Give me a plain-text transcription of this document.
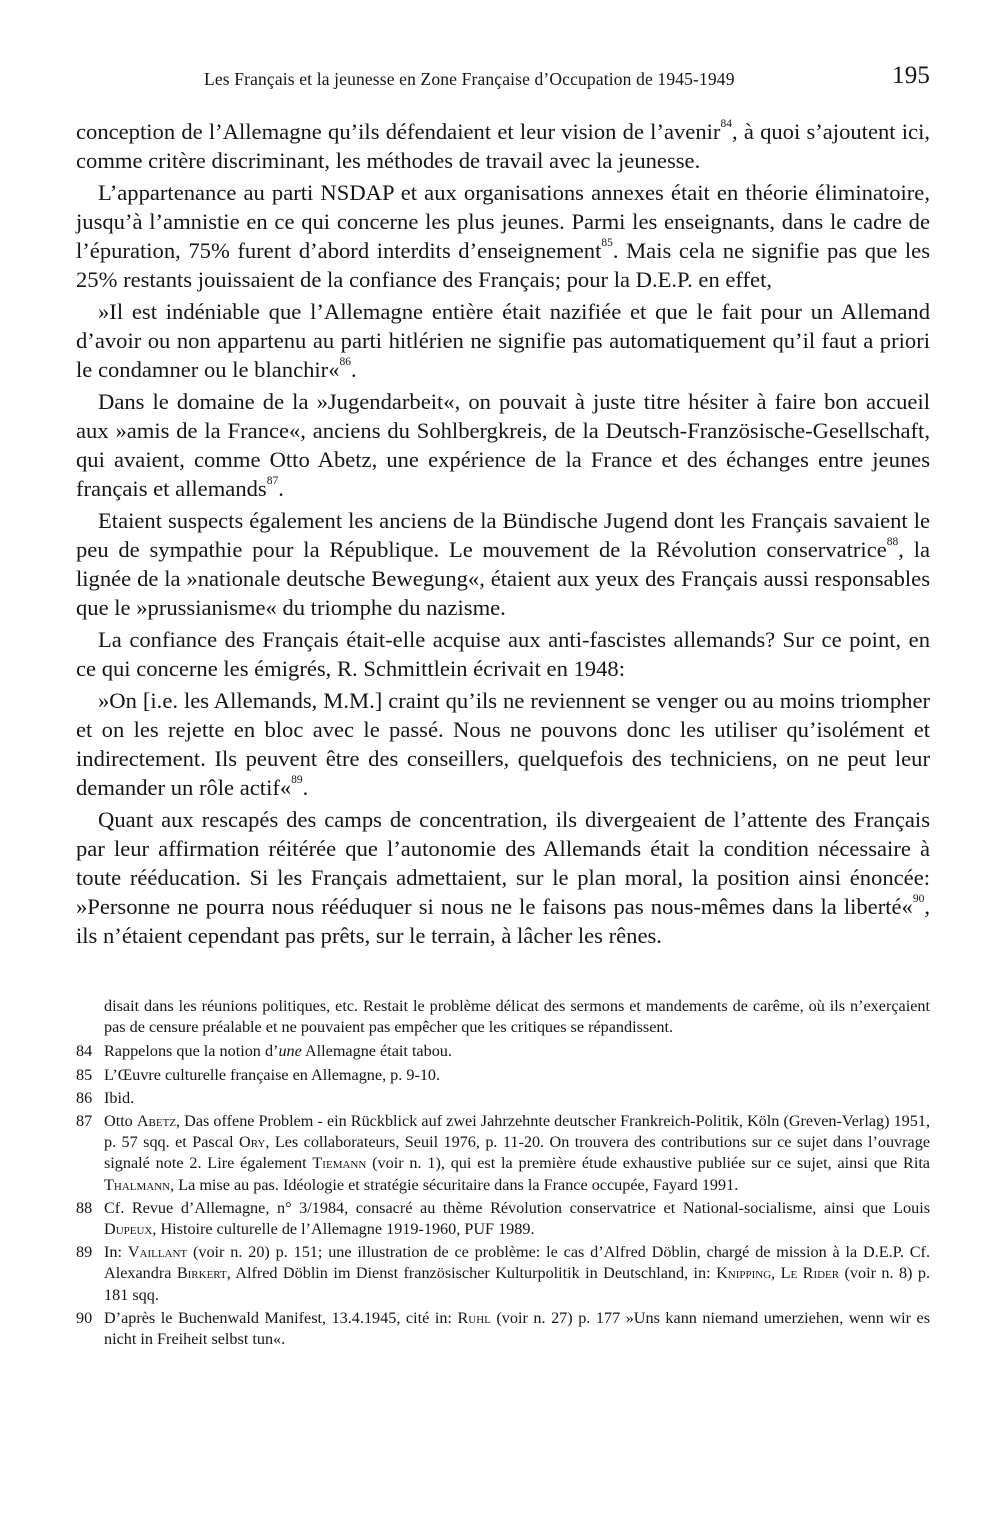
Les Français et la jeunesse en Zone Française d’Occupation de 1945-1949	195

conception de l’Allemagne qu’ils défendaient et leur vision de l’avenir$^{84}$, à quoi s’ajoutent ici, comme critère discriminant, les méthodes de travail avec la jeunesse.

L’appartenance au parti NSDAP et aux organisations annexes était en théorie éliminatoire, jusqu’à l’amnistie en ce qui concerne les plus jeunes. Parmi les enseignants, dans le cadre de l’épuration, 75% furent d’abord interdits d’enseignement$^{85}$. Mais cela ne signifie pas que les 25% restants jouissaient de la confiance des Français; pour la D.E.P. en effet,

»Il est indéniable que l’Allemagne entière était nazifiée et que le fait pour un Allemand d’avoir ou non appartenu au parti hitlérien ne signifie pas automatiquement qu’il faut a priori le condamner ou le blanchir«$^{86}$.

Dans le domaine de la »Jugendarbeit«, on pouvait à juste titre hésiter à faire bon accueil aux »amis de la France«, anciens du Sohlbergkreis, de la Deutsch-Französische-Gesellschaft, qui avaient, comme Otto Abetz, une expérience de la France et des échanges entre jeunes français et allemands$^{87}$.

Etaient suspects également les anciens de la Bündische Jugend dont les Français savaient le peu de sympathie pour la République. Le mouvement de la Révolution conservatrice$^{88}$, la lignée de la »nationale deutsche Bewegung«, étaient aux yeux des Français aussi responsables que le »prussianisme« du triomphe du nazisme.

La confiance des Français était-elle acquise aux anti-fascistes allemands? Sur ce point, en ce qui concerne les émigrés, R. Schmittlein écrivait en 1948:

»On [i.e. les Allemands, M.M.] craint qu’ils ne reviennent se venger ou au moins triompher et on les rejette en bloc avec le passé. Nous ne pouvons donc les utiliser qu’isolément et indirectement. Ils peuvent être des conseillers, quelquefois des techniciens, on ne peut leur demander un rôle actif«$^{89}$.

Quant aux rescapés des camps de concentration, ils divergeaient de l’attente des Français par leur affirmation réitérée que l’autonomie des Allemands était la condition nécessaire à toute rééducation. Si les Français admettaient, sur le plan moral, la position ainsi énoncée: »Personne ne pourra nous rééduquer si nous ne le faisons pas nous-mêmes dans la liberté«$^{90}$, ils n’étaient cependant pas prêts, sur le terrain, à lâcher les rênes.

disait dans les réunions politiques, etc. Restait le problème délicat des sermons et mandements de carême, où ils n’exerçaient pas de censure préalable et ne pouvaient pas empêcher que les critiques se répandissent.

84 Rappelons que la notion d’une Allemagne était tabou.

85 L’Œuvre culturelle française en Allemagne, p. 9-10.

86 Ibid.

87 Otto Abetz, Das offene Problem - ein Rückblick auf zwei Jahrzehnte deutscher Frankreich-Politik, Köln (Greven-Verlag) 1951, p. 57 sqq. et Pascal Ory, Les collaborateurs, Seuil 1976, p. 11-20. On trouvera des contributions sur ce sujet dans l’ouvrage signalé note 2. Lire également Tiemann (voir n. 1), qui est la première étude exhaustive publiée sur ce sujet, ainsi que Rita Thalmann, La mise au pas. Idéologie et stratégie sécuritaire dans la France occupée, Fayard 1991.

88 Cf. Revue d’Allemagne, n° 3/1984, consacré au thème Révolution conservatrice et National-socialisme, ainsi que Louis Dupeux, Histoire culturelle de l’Allemagne 1919-1960, PUF 1989.

89 In: Vaillant (voir n. 20) p. 151; une illustration de ce problème: le cas d’Alfred Döblin, chargé de mission à la D.E.P. Cf. Alexandra Birkert, Alfred Döblin im Dienst französischer Kulturpolitik in Deutschland, in: Knipping, Le Rider (voir n. 8) p. 181 sqq.

90 D’après le Buchenwald Manifest, 13.4.1945, cité in: Ruhl (voir n. 27) p. 177 »Uns kann niemand umerziehen, wenn wir es nicht in Freiheit selbst tun«.
